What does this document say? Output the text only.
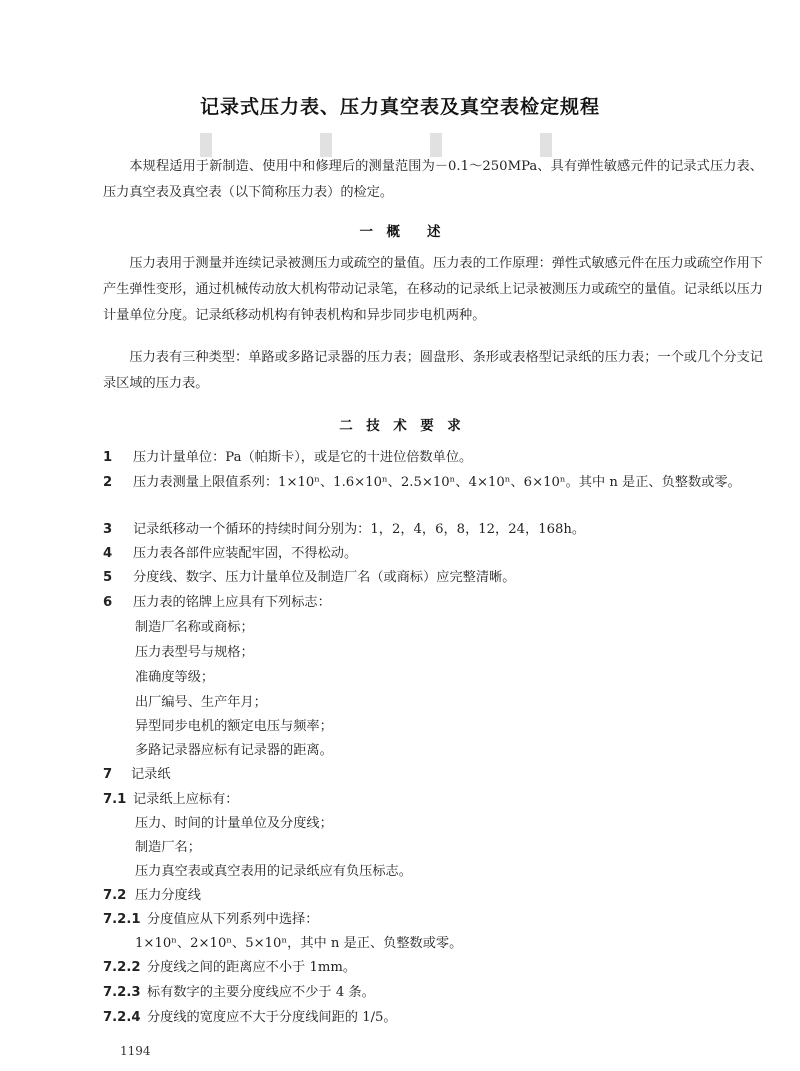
记录式压力表、压力真空表及真空表检定规程
本规程适用于新制造、使用中和修理后的测量范围为－0.1～250MPa、具有弹性敏感元件的记录式压力表、压力真空表及真空表（以下简称压力表）的检定。
一　概　　述
压力表用于测量并连续记录被测压力或疏空的量值。压力表的工作原理：弹性式敏感元件在压力或疏空作用下产生弹性变形，通过机械传动放大机构带动记录笔，在移动的记录纸上记录被测压力或疏空的量值。记录纸以压力计量单位分度。记录纸移动机构有钟表机构和异步同步电机两种。
压力表有三种类型：单路或多路记录器的压力表；圆盘形、条形或表格型记录纸的压力表；一个或几个分支记录区域的压力表。
二　技　术　要　求
1 压力计量单位：Pa（帕斯卡），或是它的十进位倍数单位。
2 压力表测量上限值系列：1×10ⁿ、1.6×10ⁿ、2.5×10ⁿ、4×10ⁿ、6×10ⁿ。其中 n 是正、负整数或零。
3 记录纸移动一个循环的持续时间分别为：1，2，4，6，8，12，24，168h。
4 压力表各部件应装配牢固，不得松动。
5 分度线、数字、压力计量单位及制造厂名（或商标）应完整清晰。
6 压力表的铭牌上应具有下列标志：
制造厂名称或商标；
压力表型号与规格；
准确度等级；
出厂编号、生产年月；
异型同步电机的额定电压与频率；
多路记录器应标有记录器的距离。
7 记录纸
7.1 记录纸上应标有：
压力、时间的计量单位及分度线；
制造厂名；
压力真空表或真空表用的记录纸应有负压标志。
7.2 压力分度线
7.2.1 分度值应从下列系列中选择：
1×10ⁿ、2×10ⁿ、5×10ⁿ，其中 n 是正、负整数或零。
7.2.2 分度线之间的距离应不小于 1mm。
7.2.3 标有数字的主要分度线应不少于 4 条。
7.2.4 分度线的宽度应不大于分度线间距的 1/5。
1194
